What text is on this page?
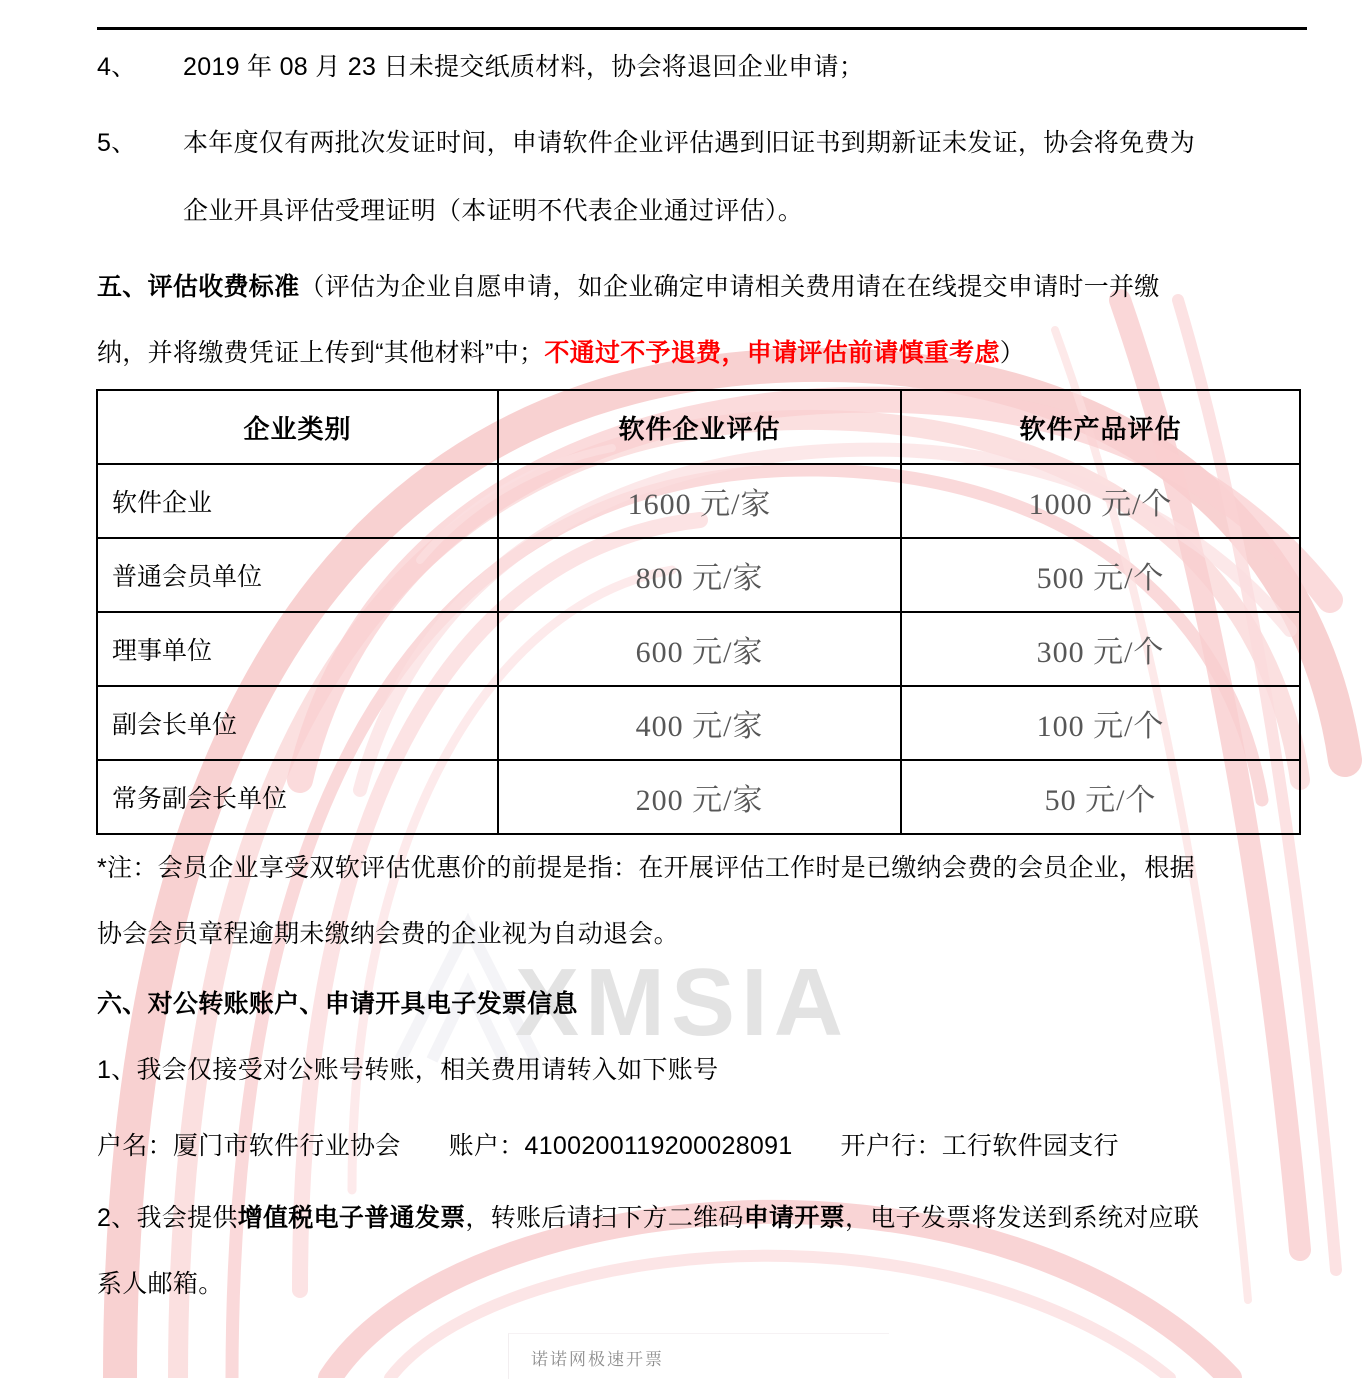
XMSIA
4、 2019 年 08 月 23 日未提交纸质材料，协会将退回企业申请；
5、 本年度仅有两批次发证时间，申请软件企业评估遇到旧证书到期新证未发证，协会将免费为
企业开具评估受理证明（本证明不代表企业通过评估）。
五、评估收费标准（评估为企业自愿申请，如企业确定申请相关费用请在在线提交申请时一并缴
纳，并将缴费凭证上传到“其他材料”中；不通过不予退费，申请评估前请慎重考虑）
企业类别	软件企业评估	软件产品评估
软件企业	1600 元/家	1000 元/个
普通会员单位	800 元/家	500 元/个
理事单位	600 元/家	300 元/个
副会长单位	400 元/家	100 元/个
常务副会长单位	200 元/家	50 元/个
*注：会员企业享受双软评估优惠价的前提是指：在开展评估工作时是已缴纳会费的会员企业，根据
协会会员章程逾期未缴纳会费的企业视为自动退会。
六、对公转账账户、申请开具电子发票信息
1、我会仅接受对公账号转账，相关费用请转入如下账号
户名：厦门市软件行业协会 账户：4100200119200028091 开户行：工行软件园支行
2、我会提供增值税电子普通发票，转账后请扫下方二维码申请开票，电子发票将发送到系统对应联
系人邮箱。
诺诺网极速开票
